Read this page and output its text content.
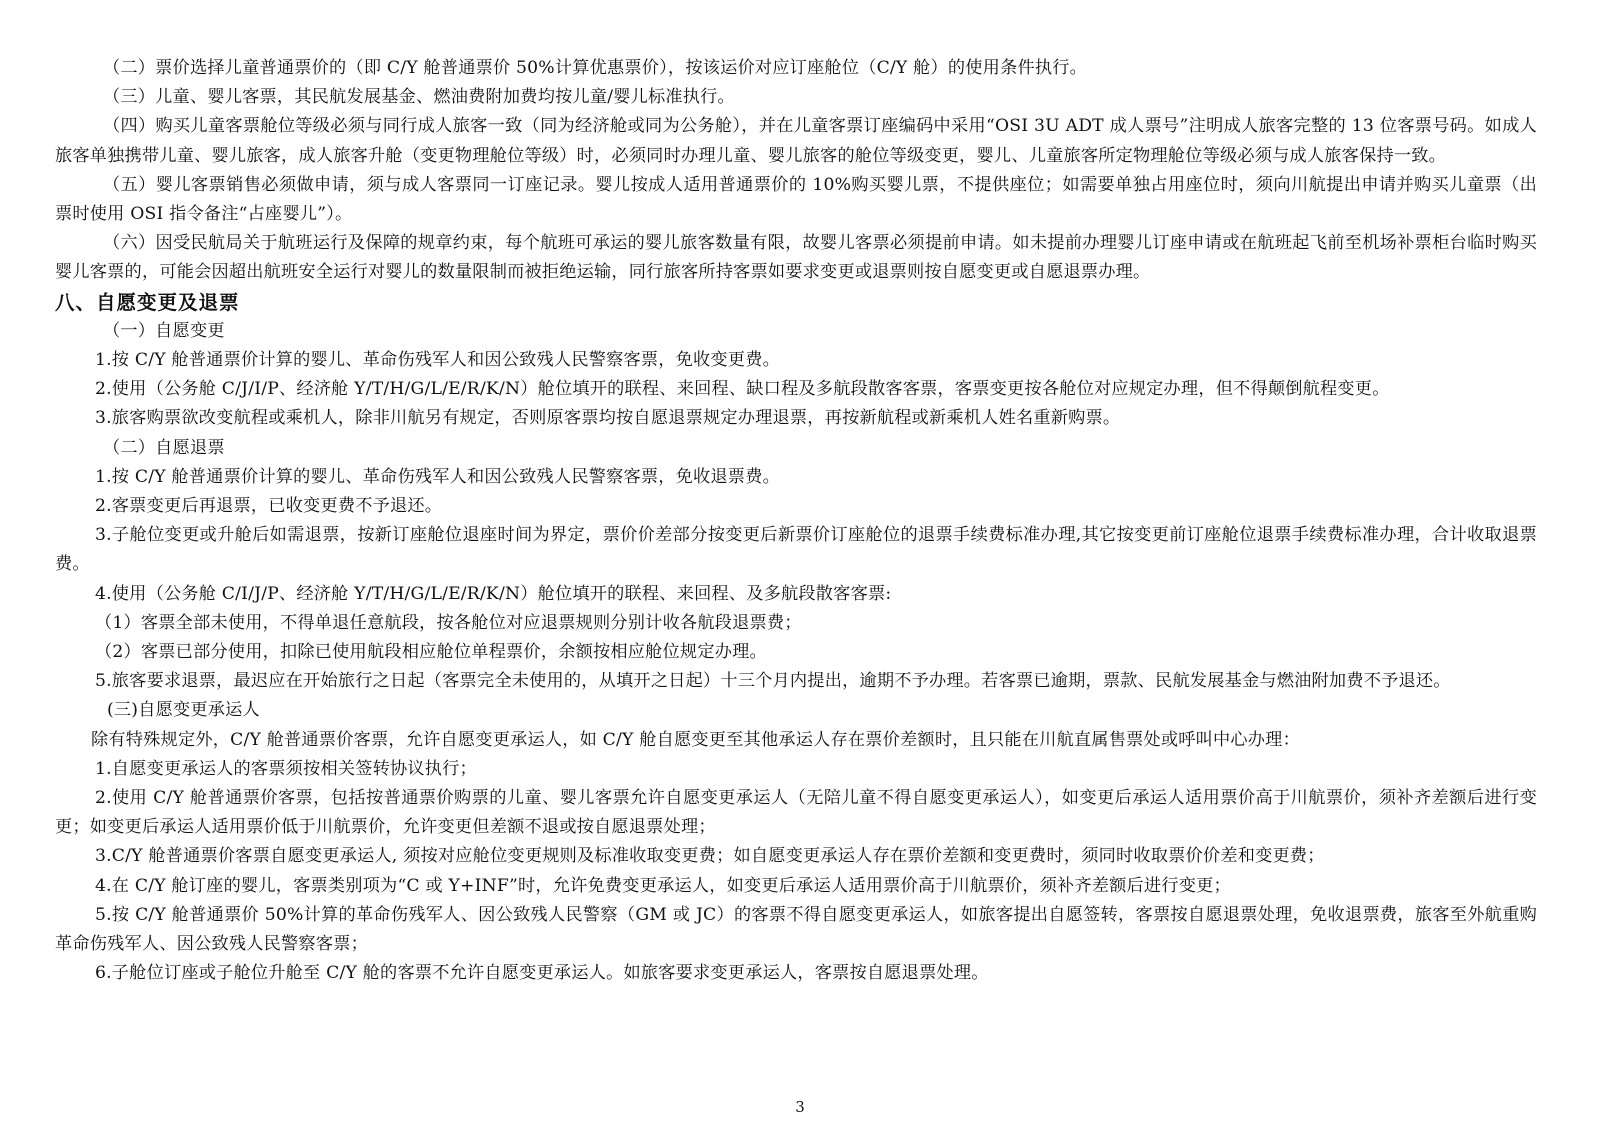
（二）票价选择儿童普通票价的（即 C/Y 舱普通票价 50%计算优惠票价），按该运价对应订座舱位（C/Y 舱）的使用条件执行。

（三）儿童、婴儿客票，其民航发展基金、燃油费附加费均按儿童/婴儿标准执行。

（四）购买儿童客票舱位等级必须与同行成人旅客一致（同为经济舱或同为公务舱），并在儿童客票订座编码中采用“OSI 3U ADT 成人票号”注明成人旅客完整的 13 位客票号码。如成人旅客单独携带儿童、婴儿旅客，成人旅客升舱（变更物理舱位等级）时，必须同时办理儿童、婴儿旅客的舱位等级变更，婴儿、儿童旅客所定物理舱位等级必须与成人旅客保持一致。

（五）婴儿客票销售必须做申请，须与成人客票同一订座记录。婴儿按成人适用普通票价的 10%购买婴儿票，不提供座位；如需要单独占用座位时，须向川航提出申请并购买儿童票（出票时使用 OSI 指令备注“占座婴儿”）。

（六）因受民航局关于航班运行及保障的规章约束，每个航班可承运的婴儿旅客数量有限，故婴儿客票必须提前申请。如未提前办理婴儿订座申请或在航班起飞前至机场补票柜台临时购买婴儿客票的，可能会因超出航班安全运行对婴儿的数量限制而被拒绝运输，同行旅客所持客票如要求变更或退票则按自愿变更或自愿退票办理。

八、自愿变更及退票

（一）自愿变更

1.按 C/Y 舱普通票价计算的婴儿、革命伤残军人和因公致残人民警察客票，免收变更费。

2.使用（公务舱 C/J/I/P、经济舱 Y/T/H/G/L/E/R/K/N）舱位填开的联程、来回程、缺口程及多航段散客客票，客票变更按各舱位对应规定办理，但不得颠倒航程变更。

3.旅客购票欲改变航程或乘机人，除非川航另有规定，否则原客票均按自愿退票规定办理退票，再按新航程或新乘机人姓名重新购票。

（二）自愿退票

1.按 C/Y 舱普通票价计算的婴儿、革命伤残军人和因公致残人民警察客票，免收退票费。

2.客票变更后再退票，已收变更费不予退还。

3.子舱位变更或升舱后如需退票，按新订座舱位退座时间为界定，票价价差部分按变更后新票价订座舱位的退票手续费标准办理,其它按变更前订座舱位退票手续费标准办理，合计收取退票费。

4.使用（公务舱 C/I/J/P、经济舱 Y/T/H/G/L/E/R/K/N）舱位填开的联程、来回程、及多航段散客客票:

（1）客票全部未使用，不得单退任意航段，按各舱位对应退票规则分别计收各航段退票费；

（2）客票已部分使用，扣除已使用航段相应舱位单程票价，余额按相应舱位规定办理。

5.旅客要求退票，最迟应在开始旅行之日起（客票完全未使用的，从填开之日起）十三个月内提出，逾期不予办理。若客票已逾期，票款、民航发展基金与燃油附加费不予退还。

(三)自愿变更承运人

除有特殊规定外，C/Y 舱普通票价客票，允许自愿变更承运人，如 C/Y 舱自愿变更至其他承运人存在票价差额时，且只能在川航直属售票处或呼叫中心办理：

1.自愿变更承运人的客票须按相关签转协议执行；

2.使用 C/Y 舱普通票价客票，包括按普通票价购票的儿童、婴儿客票允许自愿变更承运人（无陪儿童不得自愿变更承运人），如变更后承运人适用票价高于川航票价，须补齐差额后进行变更；如变更后承运人适用票价低于川航票价，允许变更但差额不退或按自愿退票处理；

3.C/Y 舱普通票价客票自愿变更承运人, 须按对应舱位变更规则及标准收取变更费；如自愿变更承运人存在票价差额和变更费时，须同时收取票价价差和变更费；

4.在 C/Y 舱订座的婴儿，客票类别项为“C 或 Y+INF”时，允许免费变更承运人，如变更后承运人适用票价高于川航票价，须补齐差额后进行变更；

5.按 C/Y 舱普通票价 50%计算的革命伤残军人、因公致残人民警察（GM 或 JC）的客票不得自愿变更承运人，如旅客提出自愿签转，客票按自愿退票处理，免收退票费，旅客至外航重购革命伤残军人、因公致残人民警察客票；

6.子舱位订座或子舱位升舱至 C/Y 舱的客票不允许自愿变更承运人。如旅客要求变更承运人，客票按自愿退票处理。

3
